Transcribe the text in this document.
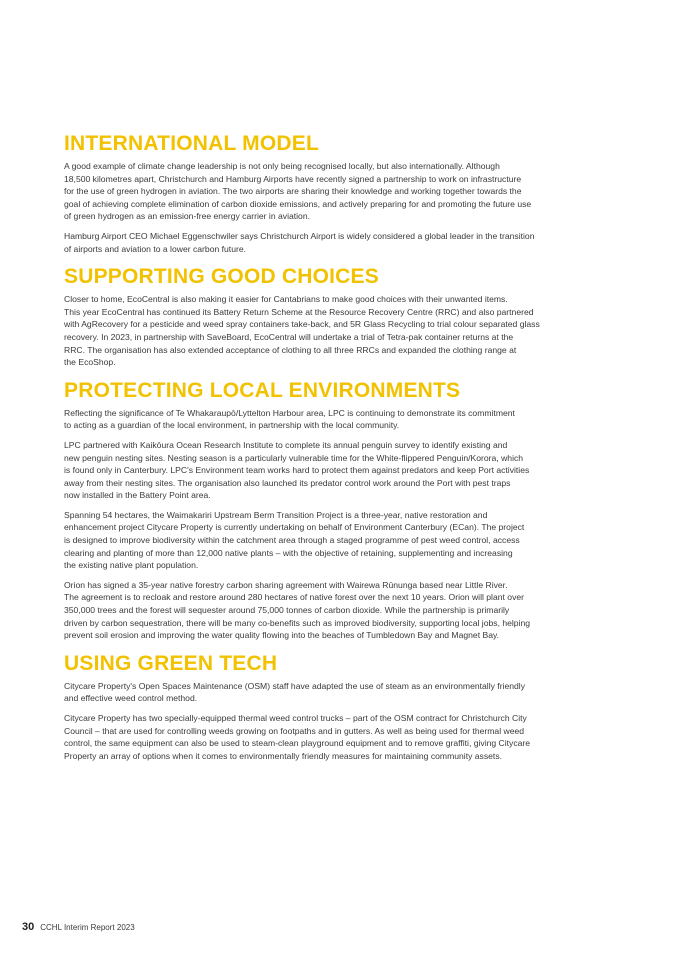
INTERNATIONAL MODEL

A good example of climate change leadership is not only being recognised locally, but also internationally. Although
18,500 kilometres apart, Christchurch and Hamburg Airports have recently signed a partnership to work on infrastructure
for the use of green hydrogen in aviation. The two airports are sharing their knowledge and working together towards the
goal of achieving complete elimination of carbon dioxide emissions, and actively preparing for and promoting the future use
of green hydrogen as an emission-free energy carrier in aviation.

Hamburg Airport CEO Michael Eggenschwiler says Christchurch Airport is widely considered a global leader in the transition
of airports and aviation to a lower carbon future.

SUPPORTING GOOD CHOICES

Closer to home, EcoCentral is also making it easier for Cantabrians to make good choices with their unwanted items.
This year EcoCentral has continued its Battery Return Scheme at the Resource Recovery Centre (RRC) and also partnered
with AgRecovery for a pesticide and weed spray containers take-back, and 5R Glass Recycling to trial colour separated glass
recovery. In 2023, in partnership with SaveBoard, EcoCentral will undertake a trial of Tetra-pak container returns at the
RRC. The organisation has also extended acceptance of clothing to all three RRCs and expanded the clothing range at
the EcoShop.

PROTECTING LOCAL ENVIRONMENTS

Reflecting the significance of Te Whakaraupō/Lyttelton Harbour area, LPC is continuing to demonstrate its commitment
to acting as a guardian of the local environment, in partnership with the local community.

LPC partnered with Kaikōura Ocean Research Institute to complete its annual penguin survey to identify existing and
new penguin nesting sites. Nesting season is a particularly vulnerable time for the White-flippered Penguin/Korora, which
is found only in Canterbury. LPC's Environment team works hard to protect them against predators and keep Port activities
away from their nesting sites. The organisation also launched its predator control work around the Port with pest traps
now installed in the Battery Point area.

Spanning 54 hectares, the Waimakariri Upstream Berm Transition Project is a three-year, native restoration and
enhancement project Citycare Property is currently undertaking on behalf of Environment Canterbury (ECan). The project
is designed to improve biodiversity within the catchment area through a staged programme of pest weed control, access
clearing and planting of more than 12,000 native plants – with the objective of retaining, supplementing and increasing
the existing native plant population.

Orion has signed a 35-year native forestry carbon sharing agreement with Wairewa Rūnunga based near Little River.
The agreement is to recloak and restore around 280 hectares of native forest over the next 10 years. Orion will plant over
350,000 trees and the forest will sequester around 75,000 tonnes of carbon dioxide. While the partnership is primarily
driven by carbon sequestration, there will be many co-benefits such as improved biodiversity, supporting local jobs, helping
prevent soil erosion and improving the water quality flowing into the beaches of Tumbledown Bay and Magnet Bay.

USING GREEN TECH

Citycare Property's Open Spaces Maintenance (OSM) staff have adapted the use of steam as an environmentally friendly
and effective weed control method.

Citycare Property has two specially-equipped thermal weed control trucks – part of the OSM contract for Christchurch City
Council – that are used for controlling weeds growing on footpaths and in gutters. As well as being used for thermal weed
control, the same equipment can also be used to steam-clean playground equipment and to remove graffiti, giving Citycare
Property an array of options when it comes to environmentally friendly measures for maintaining community assets.

30 CCHL Interim Report 2023
